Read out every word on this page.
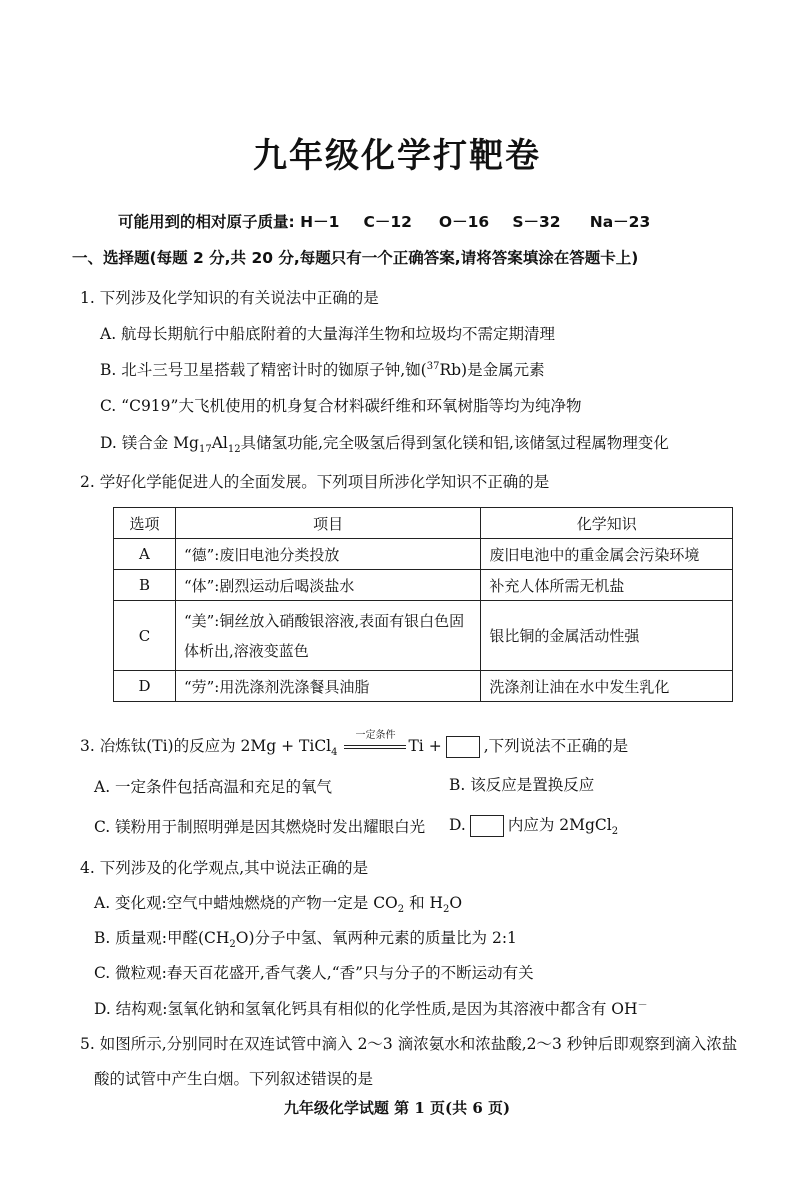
九年级化学打靶卷
可能用到的相对原子质量: H－1 C－12 O－16 S－32 Na－23
一、选择题(每题 2 分,共 20 分,每题只有一个正确答案,请将答案填涂在答题卡上)
1. 下列涉及化学知识的有关说法中正确的是
A. 航母长期航行中船底附着的大量海洋生物和垃圾均不需定期清理
B. 北斗三号卫星搭载了精密计时的铷原子钟,铷($^{37}$Rb)是金属元素
C. “C919”大飞机使用的机身复合材料碳纤维和环氧树脂等均为纯净物
D. 镁合金 $Mg_{17}Al_{12}$具储氢功能,完全吸氢后得到氢化镁和铝,该储氢过程属物理变化
2. 学好化学能促进人的全面发展。下列项目所涉化学知识不正确的是
选项	项目	化学知识
A	“德”:废旧电池分类投放	废旧电池中的重金属会污染环境
B	“体”:剧烈运动后喝淡盐水	补充人体所需无机盐
C	“美”:铜丝放入硝酸银溶液,表面有银白色固体析出,溶液变蓝色	银比铜的金属活动性强
D	“劳”:用洗涤剂洗涤餐具油脂	洗涤剂让油在水中发生乳化
3. 冶炼钛(Ti)的反应为 2Mg + TiCl$_4$
一定条件
Ti +	,下列说法不正确的是
A. 一定条件包括高温和充足的氧气	B. 该反应是置换反应
C. 镁粉用于制照明弹是因其燃烧时发出耀眼白光 D.	内应为 2MgCl$_2$
4. 下列涉及的化学观点,其中说法正确的是
A. 变化观:空气中蜡烛燃烧的产物一定是 $CO_2$ 和 $H_2O$
B. 质量观:甲醛$(CH_2O)$分子中氢、氧两种元素的质量比为 2:1
C. 微粒观:春天百花盛开,香气袭人,“香”只与分子的不断运动有关
D. 结构观:氢氧化钠和氢氧化钙具有相似的化学性质,是因为其溶液中都含有 OH－
5. 如图所示,分别同时在双连试管中滴入 2～3 滴浓氨水和浓盐酸,2～3 秒钟后即观察到滴入浓盐
酸的试管中产生白烟。下列叙述错误的是
九年级化学试题 第 1 页(共 6 页)
